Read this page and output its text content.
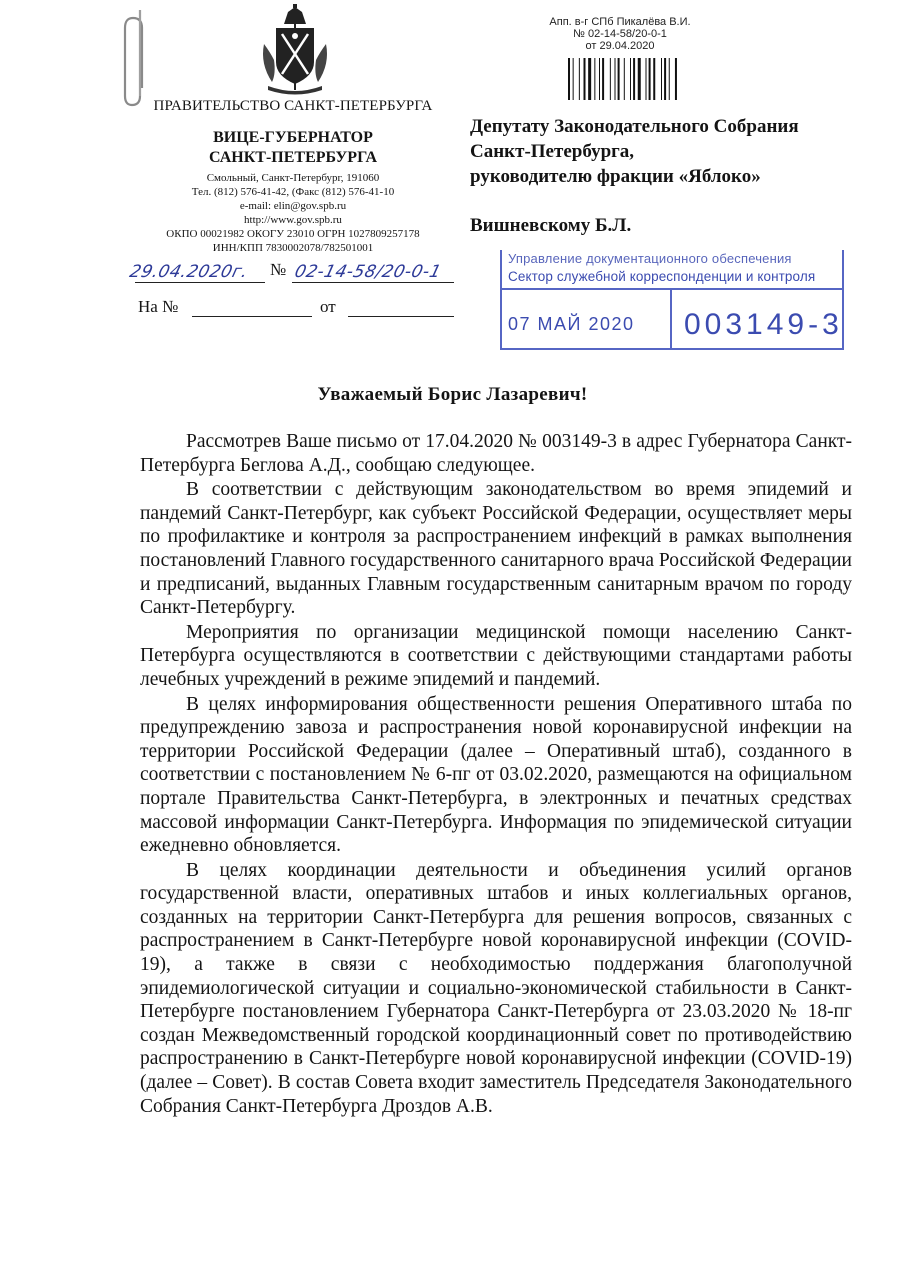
ПРАВИТЕЛЬСТВО САНКТ-ПЕТЕРБУРГА
ВИЦЕ-ГУБЕРНАТОР
САНКТ-ПЕТЕРБУРГА
Смольный, Санкт-Петербург, 191060
Тел. (812) 576-41-42, (Факс (812) 576-41-10
e-mail: elin@gov.spb.ru
http://www.gov.spb.ru
ОКПО 00021982 ОКОГУ 23010 ОГРН 1027809257178
ИНН/КПП 7830002078/782501001
29.04.2020г.	№ 02-14-58/20-0-1
На №	от
Апп. в-г СПб Пикалёва В.И.
№ 02-14-58/20-0-1
от 29.04.2020
Депутату Законодательного Собрания
Санкт-Петербурга,
руководителю фракции «Яблоко»
Вишневскому Б.Л.
Управление документационного обеспечения
Сектор служебной корреспонденции и контроля
07 МАЙ 2020 003149-3
Уважаемый Борис Лазаревич!

Рассмотрев Ваше письмо от 17.04.2020 № 003149-3 в адрес Губернатора Санкт-Петербурга Беглова А.Д., сообщаю следующее.

В соответствии с действующим законодательством во время эпидемий и пандемий Санкт-Петербург, как субъект Российской Федерации, осуществляет меры по профилактике и контроля за распространением инфекций в рамках выполнения постановлений Главного государственного санитарного врача Российской Федерации и предписаний, выданных Главным государственным санитарным врачом по городу Санкт-Петербургу.

Мероприятия по организации медицинской помощи населению Санкт-Петербурга осуществляются в соответствии с действующими стандартами работы лечебных учреждений в режиме эпидемий и пандемий.

В целях информирования общественности решения Оперативного штаба по предупреждению завоза и распространения новой коронавирусной инфекции на территории Российской Федерации (далее – Оперативный штаб), созданного в соответствии с постановлением № 6-пг от 03.02.2020, размещаются на официальном портале Правительства Санкт-Петербурга, в электронных и печатных средствах массовой информации Санкт-Петербурга. Информация по эпидемической ситуации ежедневно обновляется.

В целях координации деятельности и объединения усилий органов государственной власти, оперативных штабов и иных коллегиальных органов, созданных на территории Санкт-Петербурга для решения вопросов, связанных с распространением в Санкт-Петербурге новой коронавирусной инфекции (COVID-19), а также в связи с необходимостью поддержания благополучной эпидемиологической ситуации и социально-экономической стабильности в Санкт-Петербурге постановлением Губернатора Санкт-Петербурга от 23.03.2020 № 18-пг создан Межведомственный городской координационный совет по противодействию распространению в Санкт-Петербурге новой коронавирусной инфекции (COVID-19) (далее – Совет). В состав Совета входит заместитель Председателя Законодательного Собрания Санкт-Петербурга Дроздов А.В.
